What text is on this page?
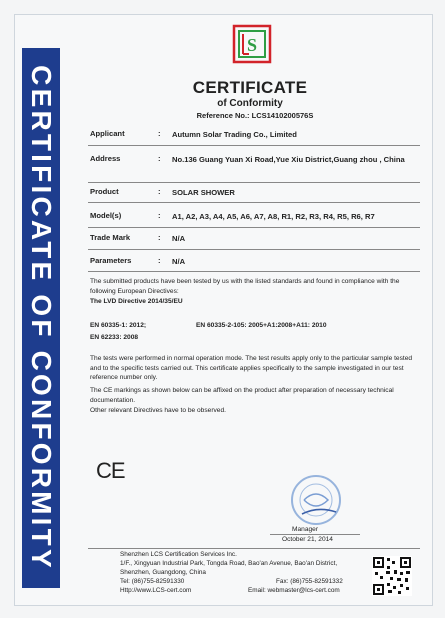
CERTIFICATE OF CONFORMITY
S
CERTIFICATE
of Conformity
Reference No.: LCS1410200576S
Applicant	: Autumn Solar Trading Co., Limited
Address	: No.136 Guang Yuan Xi Road,Yue Xiu District,Guang zhou , China
Product	: SOLAR SHOWER
Model(s)	: A1, A2, A3, A4, A5, A6, A7, A8, R1, R2, R3, R4, R5, R6, R7
Trade Mark	: N/A
Parameters	: N/A
The submitted products have been tested by us with the listed standards and found in compliance with the following European Directives:
The LVD Directive 2014/35/EU
EN 60335-1: 2012;	EN 60335-2-105: 2005+A1:2008+A11: 2010
EN 62233: 2008
The tests were performed in normal operation mode. The test results apply only to the particular sample tested and to the specific tests carried out. This certificate applies specifically to the sample investigated in our test reference number only.
The CE markings as shown below can be affixed on the product after preparation of necessary technical documentation.
Other relevant Directives have to be observed.
CE
Manager
October 21, 2014
Shenzhen LCS Certification Services Inc.
1/F., Xingyuan Industrial Park, Tongda Road, Bao'an Avenue, Bao'an District,
Shenzhen, Guangdong, China
Tel: (86)755-82591330	Fax: (86)755-82591332
Http://www.LCS-cert.com	Email: webmaster@lcs-cert.com
